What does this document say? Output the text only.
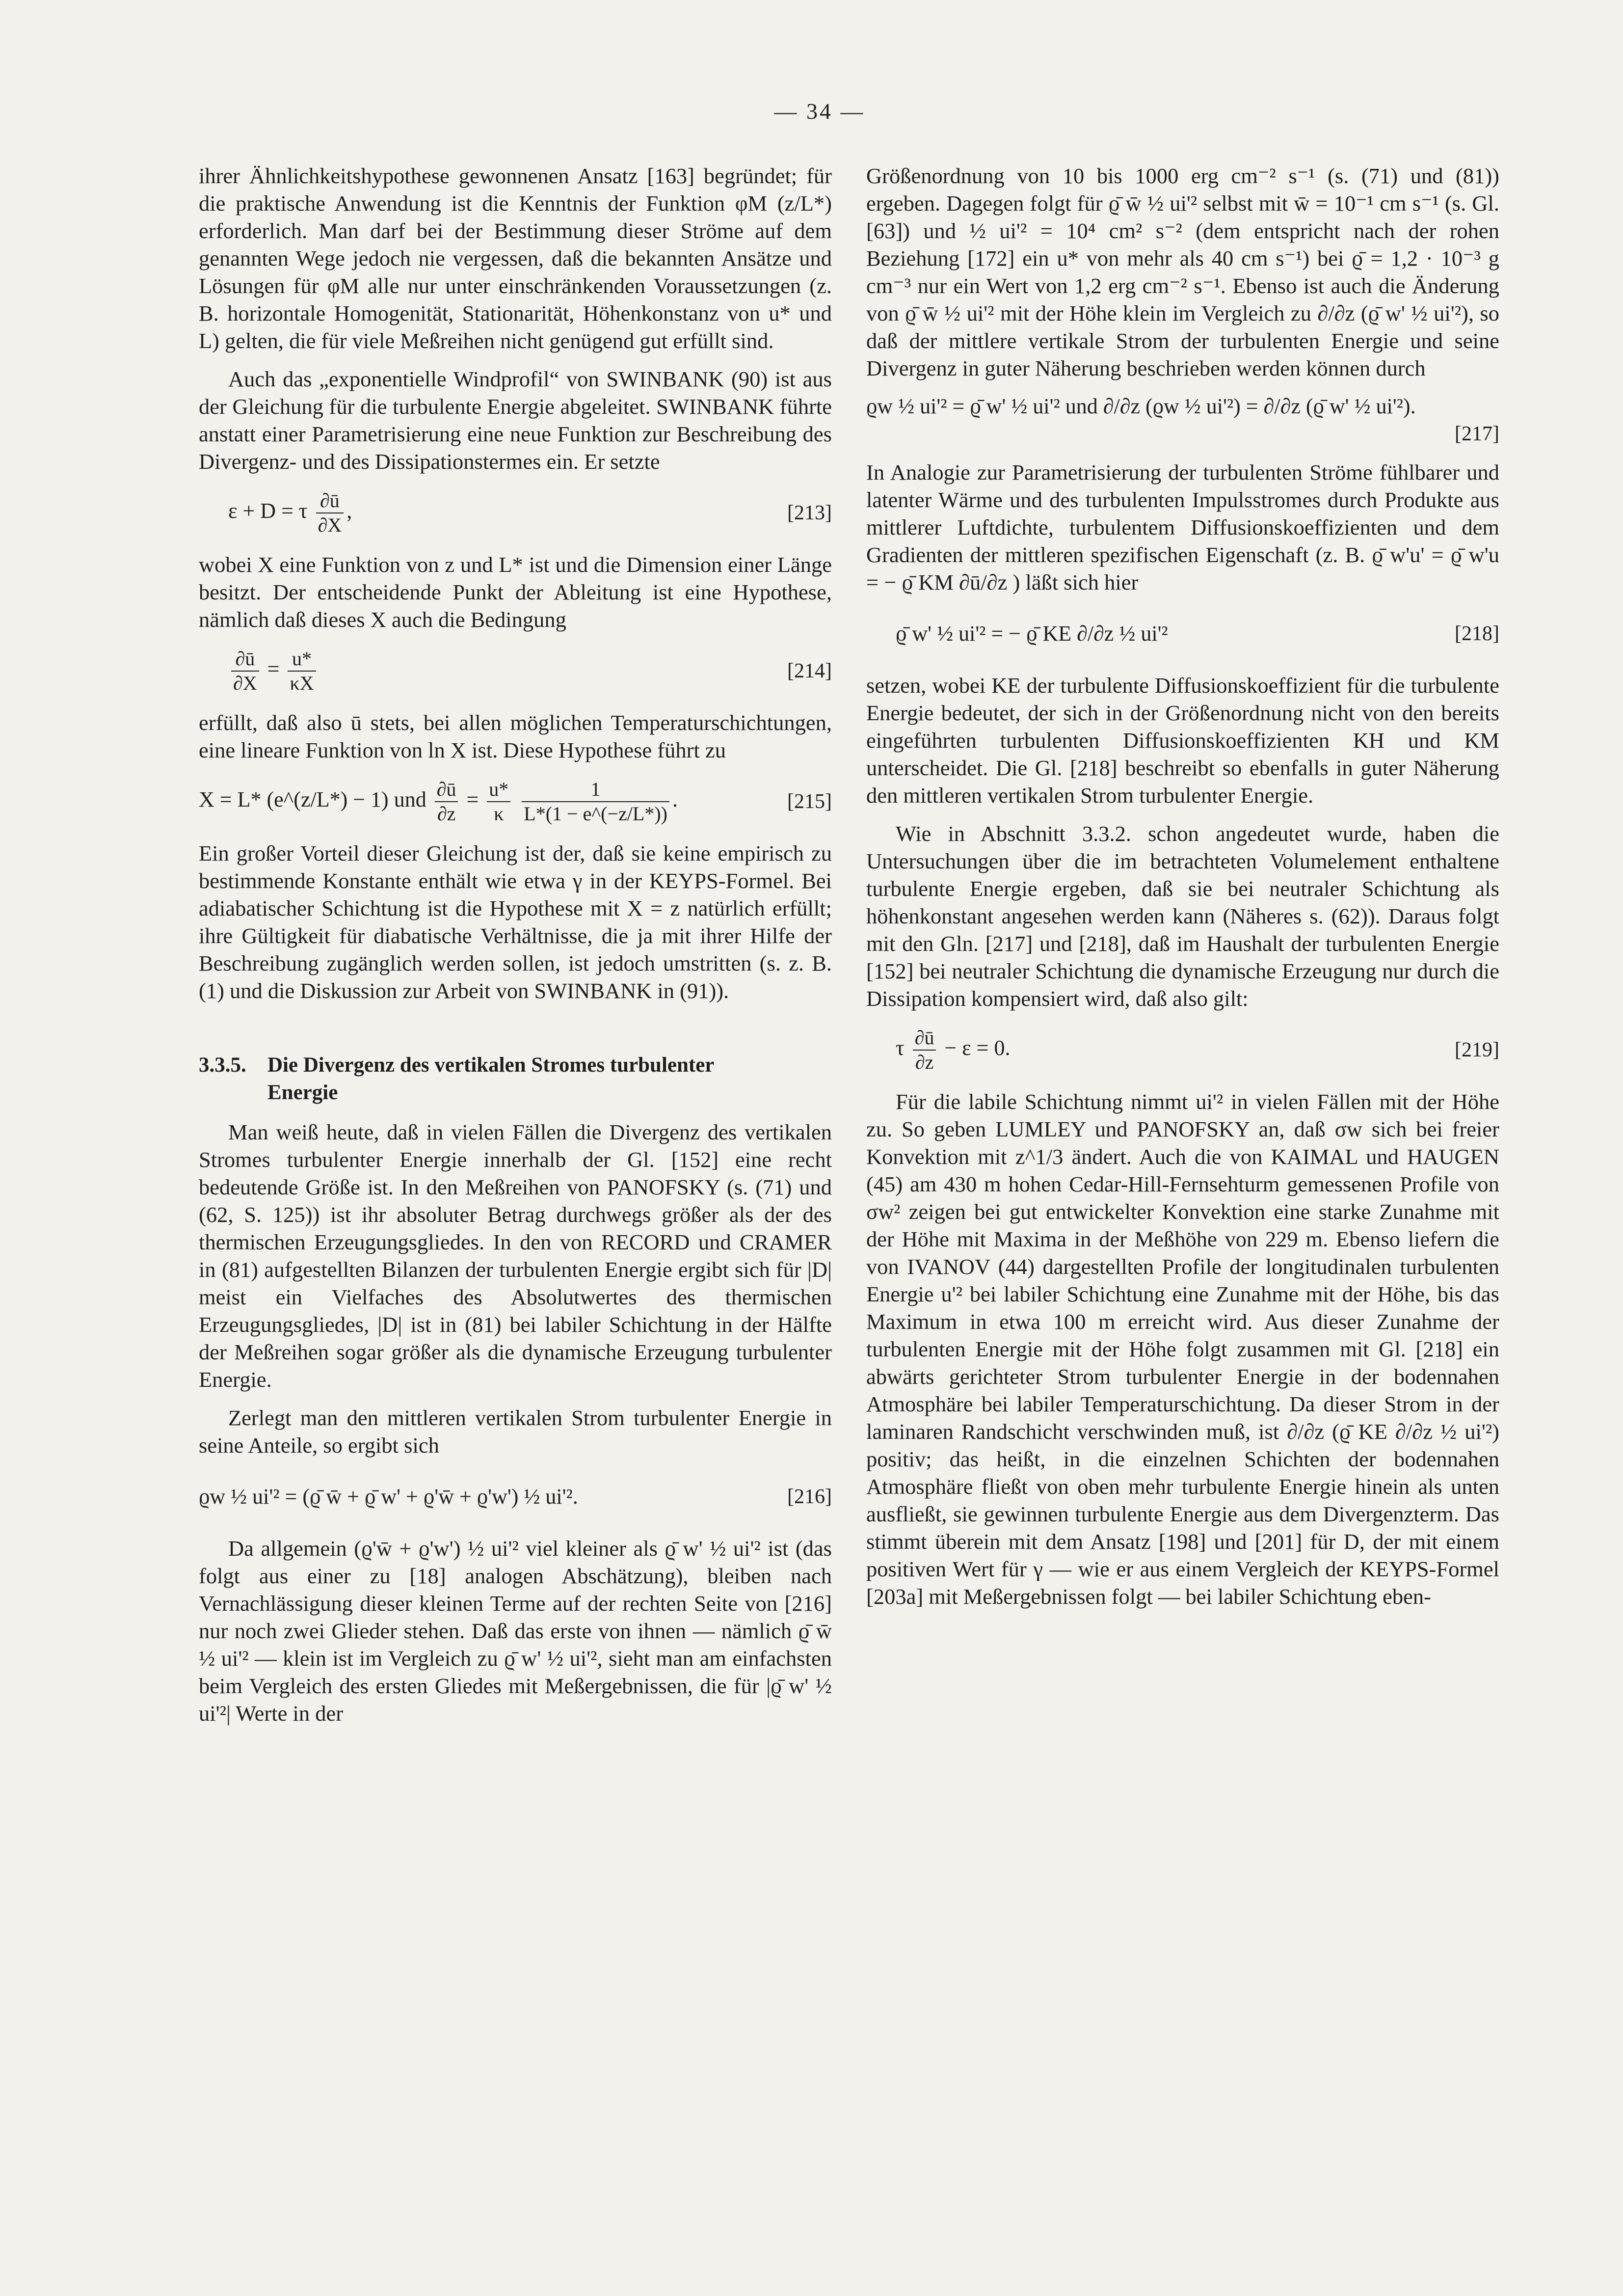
— 34 —

ihrer Ähnlichkeitshypothese gewonnenen Ansatz [163] begründet; für die praktische Anwendung ist die Kenntnis der Funktion φM (z/L*) erforderlich. Man darf bei der Bestimmung dieser Ströme auf dem genannten Wege jedoch nie vergessen, daß die bekannten Ansätze und Lösungen für φM alle nur unter einschränkenden Voraussetzungen (z. B. horizontale Homogenität, Stationarität, Höhenkonstanz von u* und L) gelten, die für viele Meßreihen nicht genügend gut erfüllt sind.

Auch das „exponentielle Windprofil“ von SWINBANK (90) ist aus der Gleichung für die turbulente Energie abgeleitet. SWINBANK führte anstatt einer Parametrisierung eine neue Funktion zur Beschreibung des Divergenz- und des Dissipationstermes ein. Er setzte

ε + D = τ $\frac{\partial ū}{\partial X}$ ,	[213]

wobei X eine Funktion von z und L* ist und die Dimension einer Länge besitzt. Der entscheidende Punkt der Ableitung ist eine Hypothese, nämlich daß dieses X auch die Bedingung

$\frac{\partial ū}{\partial X} = \frac{u*}{\kappa X}$	[214]

erfüllt, daß also ū stets, bei allen möglichen Temperaturschichtungen, eine lineare Funktion von ln X ist. Diese Hypothese führt zu

X = L* (e^(z/L*) − 1) und $\frac{\partial ū}{\partial z} = \frac{u*}{\kappa}$
$\frac{1}{L*(1 - e\^{}(-z/L*))}$ .	[215]

Ein großer Vorteil dieser Gleichung ist der, daß sie keine empirisch zu bestimmende Konstante enthält wie etwa γ in der KEYPS-Formel. Bei adiabatischer Schichtung ist die Hypothese mit X = z natürlich erfüllt; ihre Gültigkeit für diabatische Verhältnisse, die ja mit ihrer Hilfe der Beschreibung zugänglich werden sollen, ist jedoch umstritten (s. z. B. (1) und die Diskussion zur Arbeit von SWINBANK in (91)).

3.3.5. Die Divergenz des vertikalen Stromes turbulenter
Energie

Man weiß heute, daß in vielen Fällen die Divergenz des vertikalen Stromes turbulenter Energie innerhalb der Gl. [152] eine recht bedeutende Größe ist. In den Meßreihen von PANOFSKY (s. (71) und (62, S. 125)) ist ihr absoluter Betrag durchwegs größer als der des thermischen Erzeugungsgliedes. In den von RECORD und CRAMER in (81) aufgestellten Bilanzen der turbulenten Energie ergibt sich für |D| meist ein Vielfaches des Absolutwertes des thermischen Erzeugungsgliedes, |D| ist in (81) bei labiler Schichtung in der Hälfte der Meßreihen sogar größer als die dynamische Erzeugung turbulenter Energie.

Zerlegt man den mittleren vertikalen Strom turbulenter Energie in seine Anteile, so ergibt sich

ϱw ½ ui'² = (ϱ̄ w̄ + ϱ̄ w' + ϱ'w̄ + ϱ'w') ½ ui'².	[216]

Da allgemein (ϱ'w̄ + ϱ'w') ½ ui'² viel kleiner als ϱ̄ w' ½ ui'² ist (das folgt aus einer zu [18] analogen Abschätzung), bleiben nach Vernachlässigung dieser kleinen Terme auf der rechten Seite von [216] nur noch zwei Glieder stehen. Daß das erste von ihnen — nämlich ϱ̄ w̄ ½ ui'² — klein ist im Vergleich zu ϱ̄ w' ½ ui'², sieht man am einfachsten beim Vergleich des ersten Gliedes mit Meßergebnissen, die für |ϱ̄ w' ½ ui'²| Werte in der

Größenordnung von 10 bis 1000 erg cm⁻² s⁻¹ (s. (71) und (81)) ergeben. Dagegen folgt für ϱ̄ w̄ ½ ui'² selbst mit w̄ = 10⁻¹ cm s⁻¹ (s. Gl. [63]) und ½ ui'² = 10⁴ cm² s⁻² (dem entspricht nach der rohen Beziehung [172] ein u* von mehr als 40 cm s⁻¹) bei ϱ̄ = 1,2 · 10⁻³ g cm⁻³ nur ein Wert von 1,2 erg cm⁻² s⁻¹. Ebenso ist auch die Änderung von ϱ̄ w̄ ½ ui'² mit der Höhe klein im Vergleich zu ∂/∂z (ϱ̄ w' ½ ui'²), so daß der mittlere vertikale Strom der turbulenten Energie und seine Divergenz in guter Näherung beschrieben werden können durch

ϱw ½ ui'² = ϱ̄ w' ½ ui'² und ∂/∂z (ϱw ½ ui'²) = ∂/∂z (ϱ̄ w' ½ ui'²).
[217]

In Analogie zur Parametrisierung der turbulenten Ströme fühlbarer und latenter Wärme und des turbulenten Impulsstromes durch Produkte aus mittlerer Luftdichte, turbulentem Diffusionskoeffizienten und dem Gradienten der mittleren spezifischen Eigenschaft (z. B. ϱ̄ w'u' = ϱ̄ w'u = − ϱ̄ KM ∂ū/∂z ) läßt sich hier

ϱ̄ w' ½ ui'² = − ϱ̄ KE ∂/∂z ½ ui'²	[218]

setzen, wobei KE der turbulente Diffusionskoeffizient für die turbulente Energie bedeutet, der sich in der Größenordnung nicht von den bereits eingeführten turbulenten Diffusionskoeffizienten KH und KM unterscheidet. Die Gl. [218] beschreibt so ebenfalls in guter Näherung den mittleren vertikalen Strom turbulenter Energie.

Wie in Abschnitt 3.3.2. schon angedeutet wurde, haben die Untersuchungen über die im betrachteten Volumelement enthaltene turbulente Energie ergeben, daß sie bei neutraler Schichtung als höhenkonstant angesehen werden kann (Näheres s. (62)). Daraus folgt mit den Gln. [217] und [218], daß im Haushalt der turbulenten Energie [152] bei neutraler Schichtung die dynamische Erzeugung nur durch die Dissipation kompensiert wird, daß also gilt:

τ $\frac{\partial ū}{\partial z} - \varepsilon = 0$.	[219]

Für die labile Schichtung nimmt ui'² in vielen Fällen mit der Höhe zu. So geben LUMLEY und PANOFSKY an, daß σw sich bei freier Konvektion mit z^1/3 ändert. Auch die von KAIMAL und HAUGEN (45) am 430 m hohen Cedar-Hill-Fernsehturm gemessenen Profile von σw² zeigen bei gut entwickelter Konvektion eine starke Zunahme mit der Höhe mit Maxima in der Meßhöhe von 229 m. Ebenso liefern die von IVANOV (44) dargestellten Profile der longitudinalen turbulenten Energie u'² bei labiler Schichtung eine Zunahme mit der Höhe, bis das Maximum in etwa 100 m erreicht wird. Aus dieser Zunahme der turbulenten Energie mit der Höhe folgt zusammen mit Gl. [218] ein abwärts gerichteter Strom turbulenter Energie in der bodennahen Atmosphäre bei labiler Temperaturschichtung. Da dieser Strom in der laminaren Randschicht verschwinden muß, ist ∂/∂z (ϱ̄ KE ∂/∂z ½ ui'²) positiv; das heißt, in die einzelnen Schichten der bodennahen Atmosphäre fließt von oben mehr turbulente Energie hinein als unten ausfließt, sie gewinnen turbulente Energie aus dem Divergenzterm. Das stimmt überein mit dem Ansatz [198] und [201] für D, der mit einem positiven Wert für γ — wie er aus einem Vergleich der KEYPS-Formel [203a] mit Meßergebnissen folgt — bei labiler Schichtung eben-
